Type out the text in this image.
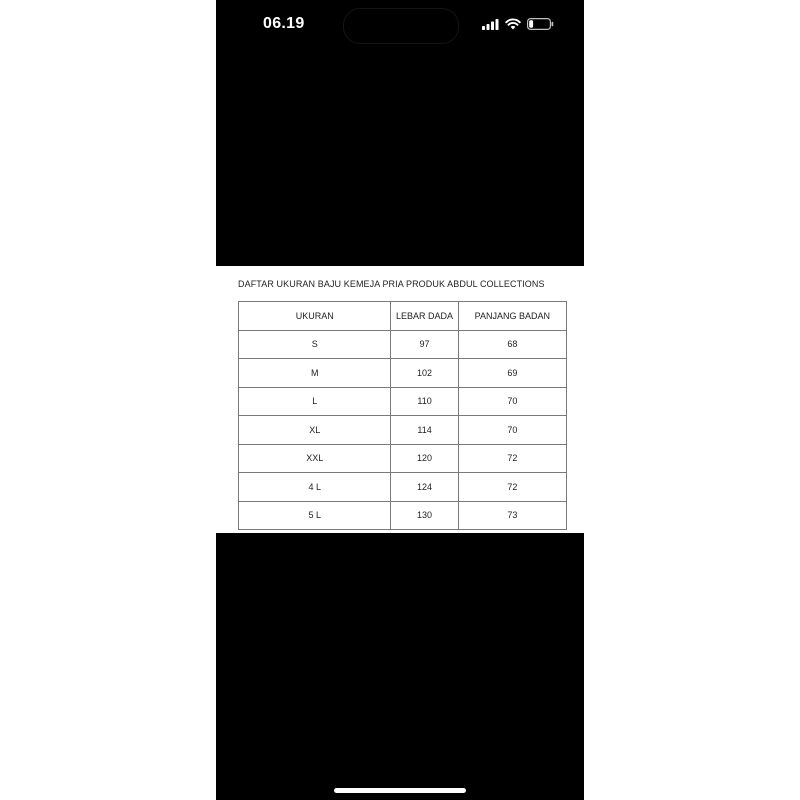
06.19
DAFTAR UKURAN BAJU KEMEJA PRIA PRODUK ABDUL COLLECTIONS
UKURAN	LEBAR DADA	PANJANG BADAN
S	97	68
M	102	69
L	110	70
XL	114	70
XXL	120	72
4 L	124	72
5 L	130	73
